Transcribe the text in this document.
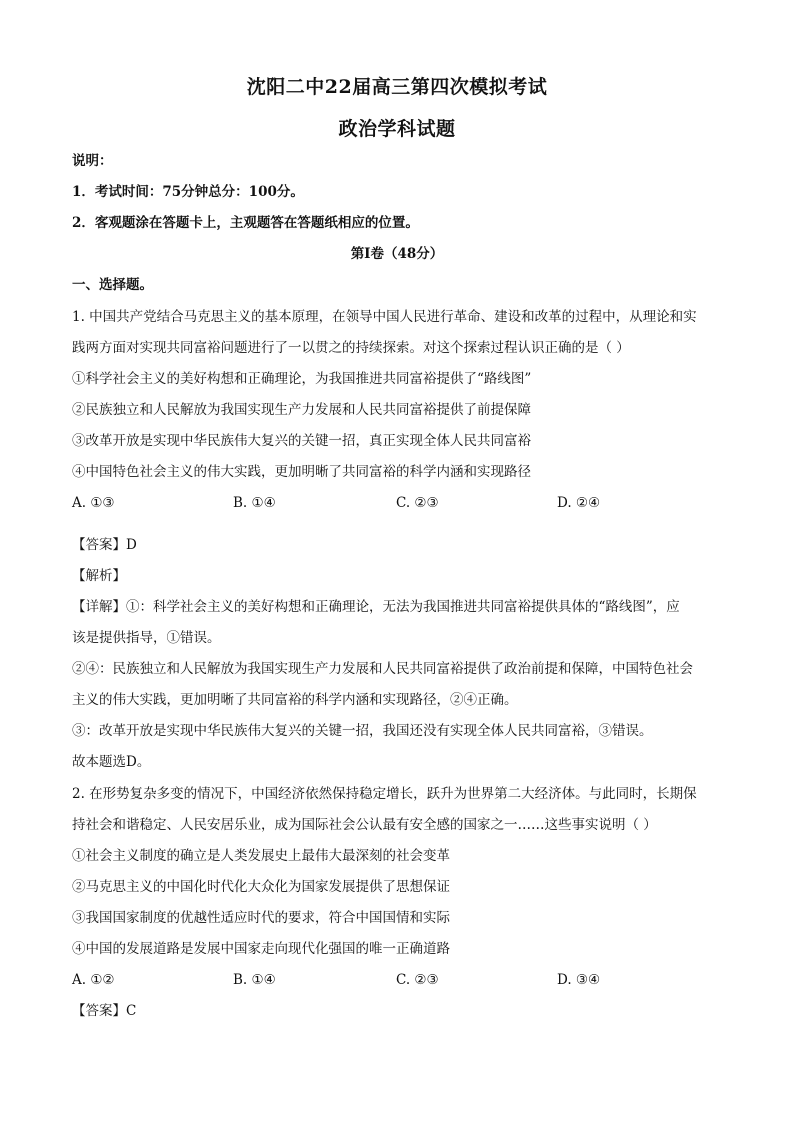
沈阳二中22届高三第四次模拟考试
政治学科试题
说明：
1．考试时间：75分钟总分：100分。
2．客观题涂在答题卡上，主观题答在答题纸相应的位置。
第I卷（48分）
一、选择题。
1. 中国共产党结合马克思主义的基本原理，在领导中国人民进行革命、建设和改革的过程中，从理论和实
践两方面对实现共同富裕问题进行了一以贯之的持续探索。对这个探索过程认识正确的是（ ）
①科学社会主义的美好构想和正确理论，为我国推进共同富裕提供了“路线图”
②民族独立和人民解放为我国实现生产力发展和人民共同富裕提供了前提保障
③改革开放是实现中华民族伟大复兴的关键一招，真正实现全体人民共同富裕
④中国特色社会主义的伟大实践，更加明晰了共同富裕的科学内涵和实现路径
A. ①③	B. ①④	C. ②③	D. ②④
【答案】D
【解析】
【详解】①：科学社会主义的美好构想和正确理论，无法为我国推进共同富裕提供具体的“路线图”，应
该是提供指导，①错误。
②④：民族独立和人民解放为我国实现生产力发展和人民共同富裕提供了政治前提和保障，中国特色社会
主义的伟大实践，更加明晰了共同富裕的科学内涵和实现路径，②④正确。
③：改革开放是实现中华民族伟大复兴的关键一招，我国还没有实现全体人民共同富裕，③错误。
故本题选D。
2. 在形势复杂多变的情况下，中国经济依然保持稳定增长，跃升为世界第二大经济体。与此同时，长期保
持社会和谐稳定、人民安居乐业，成为国际社会公认最有安全感的国家之一……这些事实说明（ ）
①社会主义制度的确立是人类发展史上最伟大最深刻的社会变革
②马克思主义的中国化时代化大众化为国家发展提供了思想保证
③我国国家制度的优越性适应时代的要求，符合中国国情和实际
④中国的发展道路是发展中国家走向现代化强国的唯一正确道路
A. ①②	B. ①④	C. ②③	D. ③④
【答案】C
